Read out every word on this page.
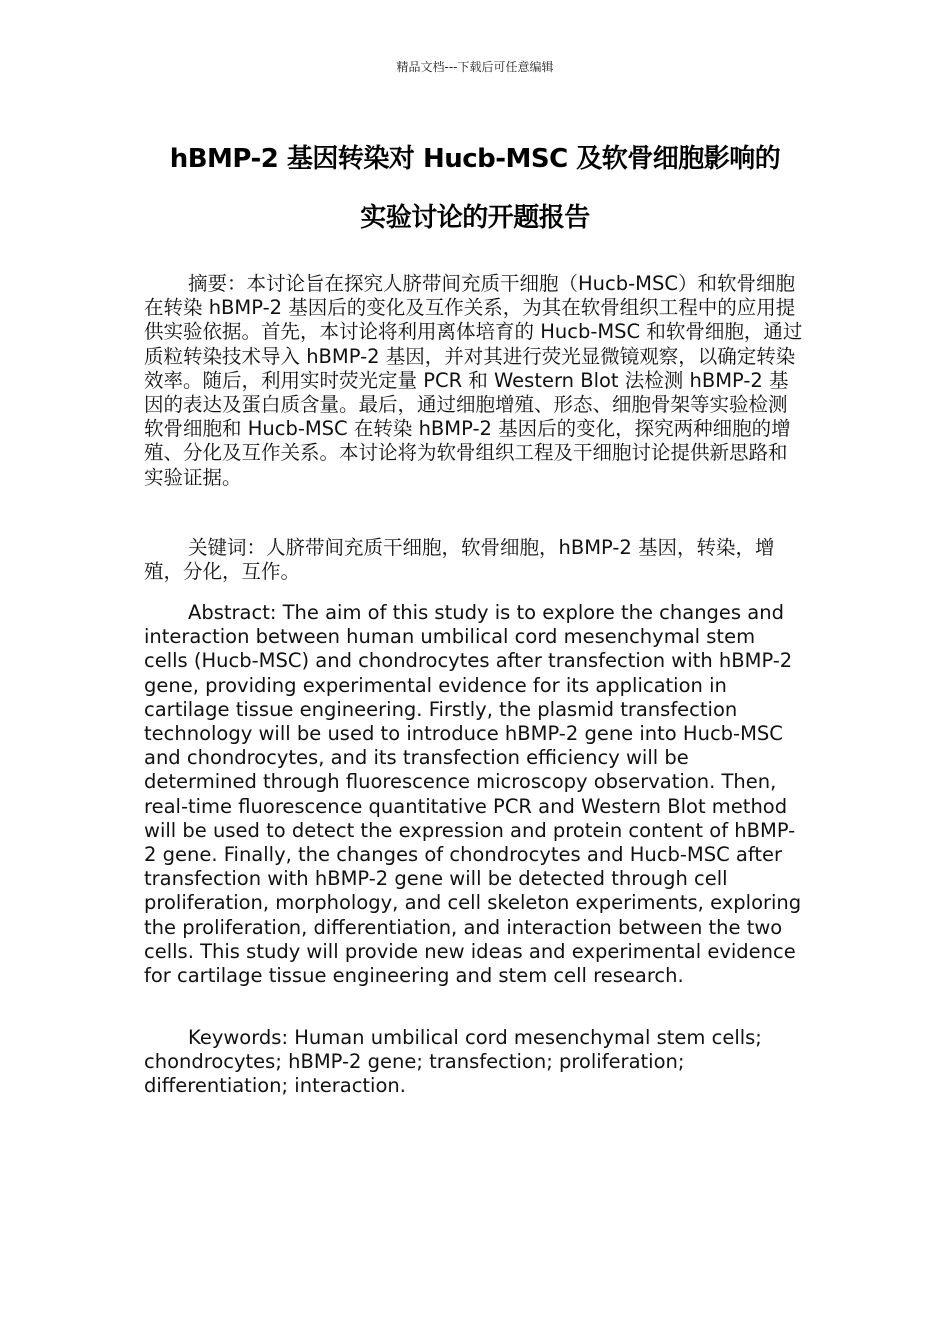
精品文档---下载后可任意编辑
hBMP-2 基因转染对 Hucb-MSC 及软骨细胞影响的
实验讨论的开题报告

摘要：本讨论旨在探究人脐带间充质干细胞（Hucb-MSC）和软骨细胞在转染 hBMP-2 基因后的变化及互作关系，为其在软骨组织工程中的应用提供实验依据。首先，本讨论将利用离体培育的 Hucb-MSC 和软骨细胞，通过质粒转染技术导入 hBMP-2 基因，并对其进行荧光显微镜观察，以确定转染效率。随后，利用实时荧光定量 PCR 和 Western Blot 法检测 hBMP-2 基因的表达及蛋白质含量。最后，通过细胞增殖、形态、细胞骨架等实验检测软骨细胞和 Hucb-MSC 在转染 hBMP-2 基因后的变化，探究两种细胞的增殖、分化及互作关系。本讨论将为软骨组织工程及干细胞讨论提供新思路和实验证据。

关键词：人脐带间充质干细胞，软骨细胞，hBMP-2 基因，转染，增殖，分化，互作。

Abstract: The aim of this study is to explore the changes and interaction between human umbilical cord mesenchymal stem cells (Hucb-MSC) and chondrocytes after transfection with hBMP-2 gene, providing experimental evidence for its application in cartilage tissue engineering. Firstly, the plasmid transfection technology will be used to introduce hBMP-2 gene into Hucb-MSC and chondrocytes, and its transfection efficiency will be determined through fluorescence microscopy observation. Then, real-time fluorescence quantitative PCR and Western Blot method will be used to detect the expression and protein content of hBMP-2 gene. Finally, the changes of chondrocytes and Hucb-MSC after transfection with hBMP-2 gene will be detected through cell proliferation, morphology, and cell skeleton experiments, exploring the proliferation, differentiation, and interaction between the two cells. This study will provide new ideas and experimental evidence for cartilage tissue engineering and stem cell research.

Keywords: Human umbilical cord mesenchymal stem cells; chondrocytes; hBMP-2 gene; transfection; proliferation; differentiation; interaction.
